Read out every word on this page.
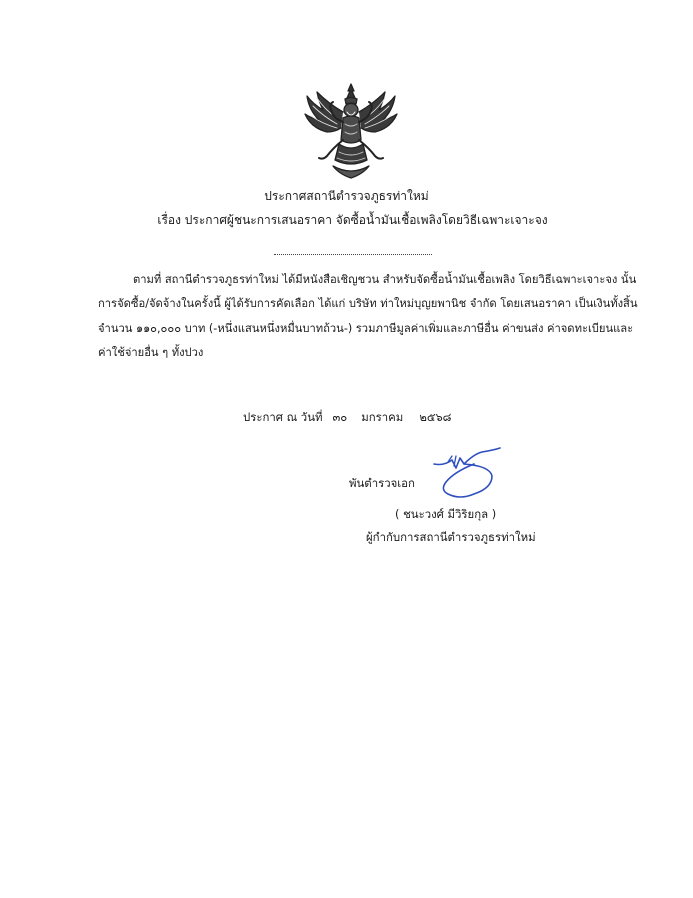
ประกาศสถานีตำรวจภูธรท่าใหม่
เรื่อง ประกาศผู้ชนะการเสนอราคา จัดซื้อน้ำมันเชื้อเพลิงโดยวิธีเฉพาะเจาะจง
ตามที่ สถานีตำรวจภูธรท่าใหม่ ได้มีหนังสือเชิญชวน สำหรับจัดซื้อน้ำมันเชื้อเพลิง โดยวิธีเฉพาะเจาะจง นั้น
การจัดซื้อ/จัดจ้างในครั้งนี้ ผู้ได้รับการคัดเลือก ได้แก่ บริษัท ท่าใหม่บุญยพานิช จำกัด โดยเสนอราคา เป็นเงินทั้งสิ้น
จำนวน ๑๑๐,๐๐๐ บาท (-หนึ่งแสนหนึ่งหมื่นบาทถ้วน-) รวมภาษีมูลค่าเพิ่มและภาษีอื่น ค่าขนส่ง ค่าจดทะเบียนและ
ค่าใช้จ่ายอื่น ๆ ทั้งปวง
ประกาศ ณ วันที่ ๓๐ มกราคม ๒๕๖๘
พันตำรวจเอก
( ชนะวงศ์ มีวิริยกุล )
ผู้กำกับการสถานีตำรวจภูธรท่าใหม่
